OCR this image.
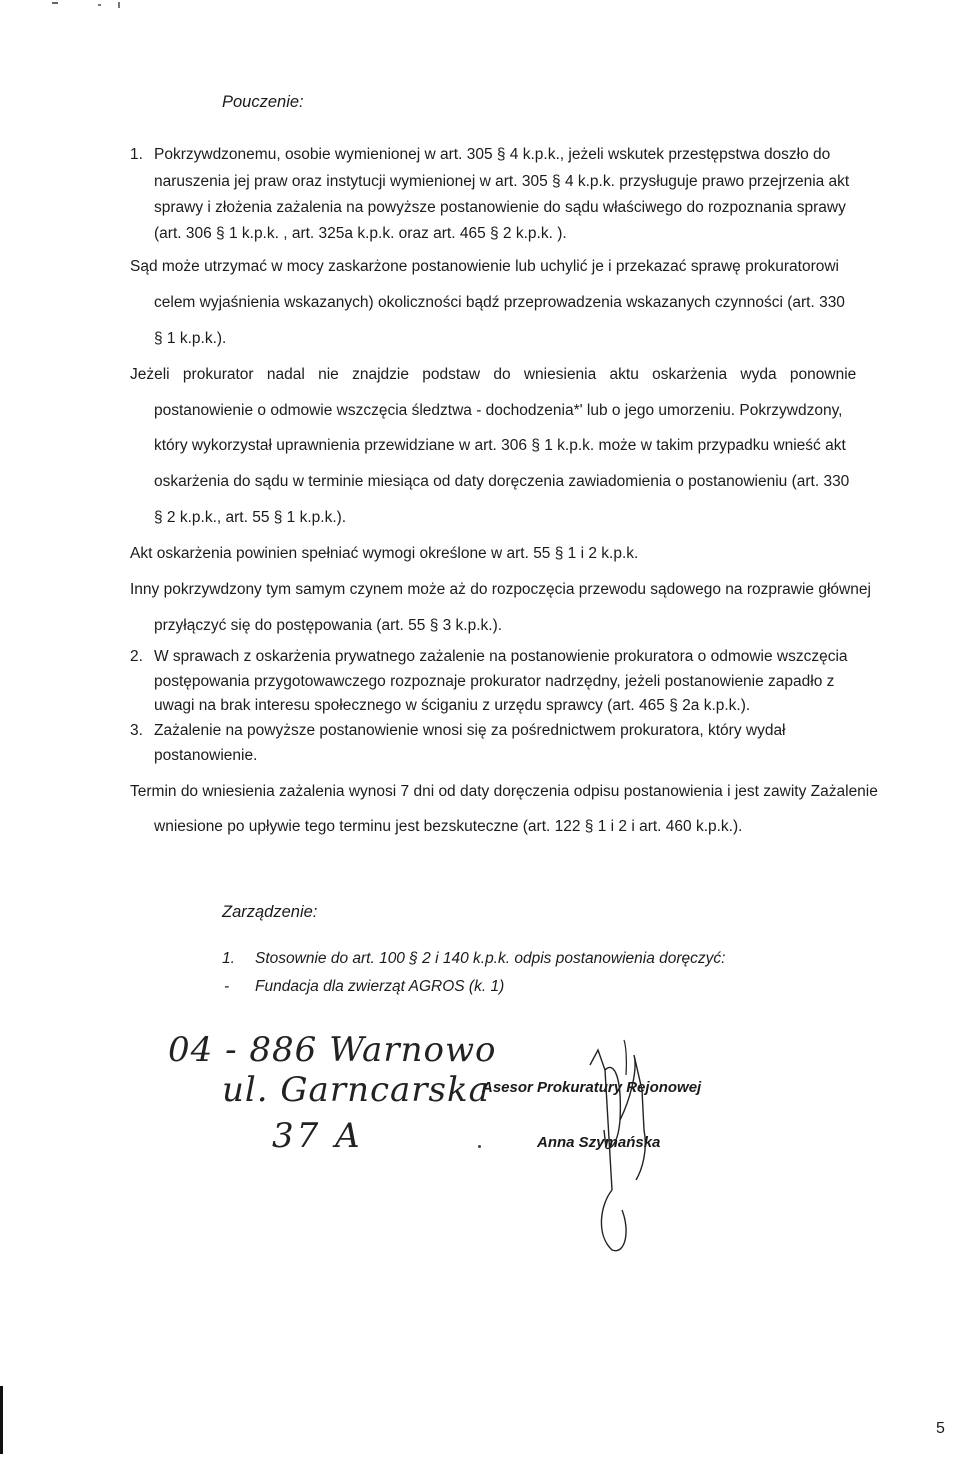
Pouczenie:
1. Pokrzywdzonemu, osobie wymienionej w art. 305 § 4 k.p.k., jeżeli wskutek przestępstwa doszło do
naruszenia jej praw oraz instytucji wymienionej w art. 305 § 4 k.p.k. przysługuje prawo przejrzenia akt
sprawy i złożenia zażalenia na powyższe postanowienie do sądu właściwego do rozpoznania sprawy
(art. 306 § 1 k.p.k. , art. 325a k.p.k. oraz art. 465 § 2 k.p.k. ).
Sąd może utrzymać w mocy zaskarżone postanowienie lub uchylić je i przekazać sprawę prokuratorowi
celem wyjaśnienia wskazanych) okoliczności bądź przeprowadzenia wskazanych czynności (art. 330
§ 1 k.p.k.).
Jeżeli prokurator nadal nie znajdzie podstaw do wniesienia aktu oskarżenia wyda ponownie
postanowienie o odmowie wszczęcia śledztwa - dochodzenia*' lub o jego umorzeniu. Pokrzywdzony,
który wykorzystał uprawnienia przewidziane w art. 306 § 1 k.p.k. może w takim przypadku wnieść akt
oskarżenia do sądu w terminie miesiąca od daty doręczenia zawiadomienia o postanowieniu (art. 330
§ 2 k.p.k., art. 55 § 1 k.p.k.).
Akt oskarżenia powinien spełniać wymogi określone w art. 55 § 1 i 2 k.p.k.
Inny pokrzywdzony tym samym czynem może aż do rozpoczęcia przewodu sądowego na rozprawie głównej
przyłączyć się do postępowania (art. 55 § 3 k.p.k.).
2. W sprawach z oskarżenia prywatnego zażalenie na postanowienie prokuratora o odmowie wszczęcia
postępowania przygotowawczego rozpoznaje prokurator nadrzędny, jeżeli postanowienie zapadło z
uwagi na brak interesu społecznego w ściganiu z urzędu sprawcy (art. 465 § 2a k.p.k.).
3. Zażalenie na powyższe postanowienie wnosi się za pośrednictwem prokuratora, który wydał
postanowienie.
Termin do wniesienia zażalenia wynosi 7 dni od daty doręczenia odpisu postanowienia i jest zawity Zażalenie
wniesione po upływie tego terminu jest bezskuteczne (art. 122 § 1 i 2 i art. 460 k.p.k.).
Zarządzenie:
1. Stosownie do art. 100 § 2 i 140 k.p.k. odpis postanowienia doręczyć:
- Fundacja dla zwierząt AGROS (k. 1)
04 - 886 Warnowo
ul. Garncarska
37 A
Asesor Prokuratury Rejonowej
Anna Szymańska
5
